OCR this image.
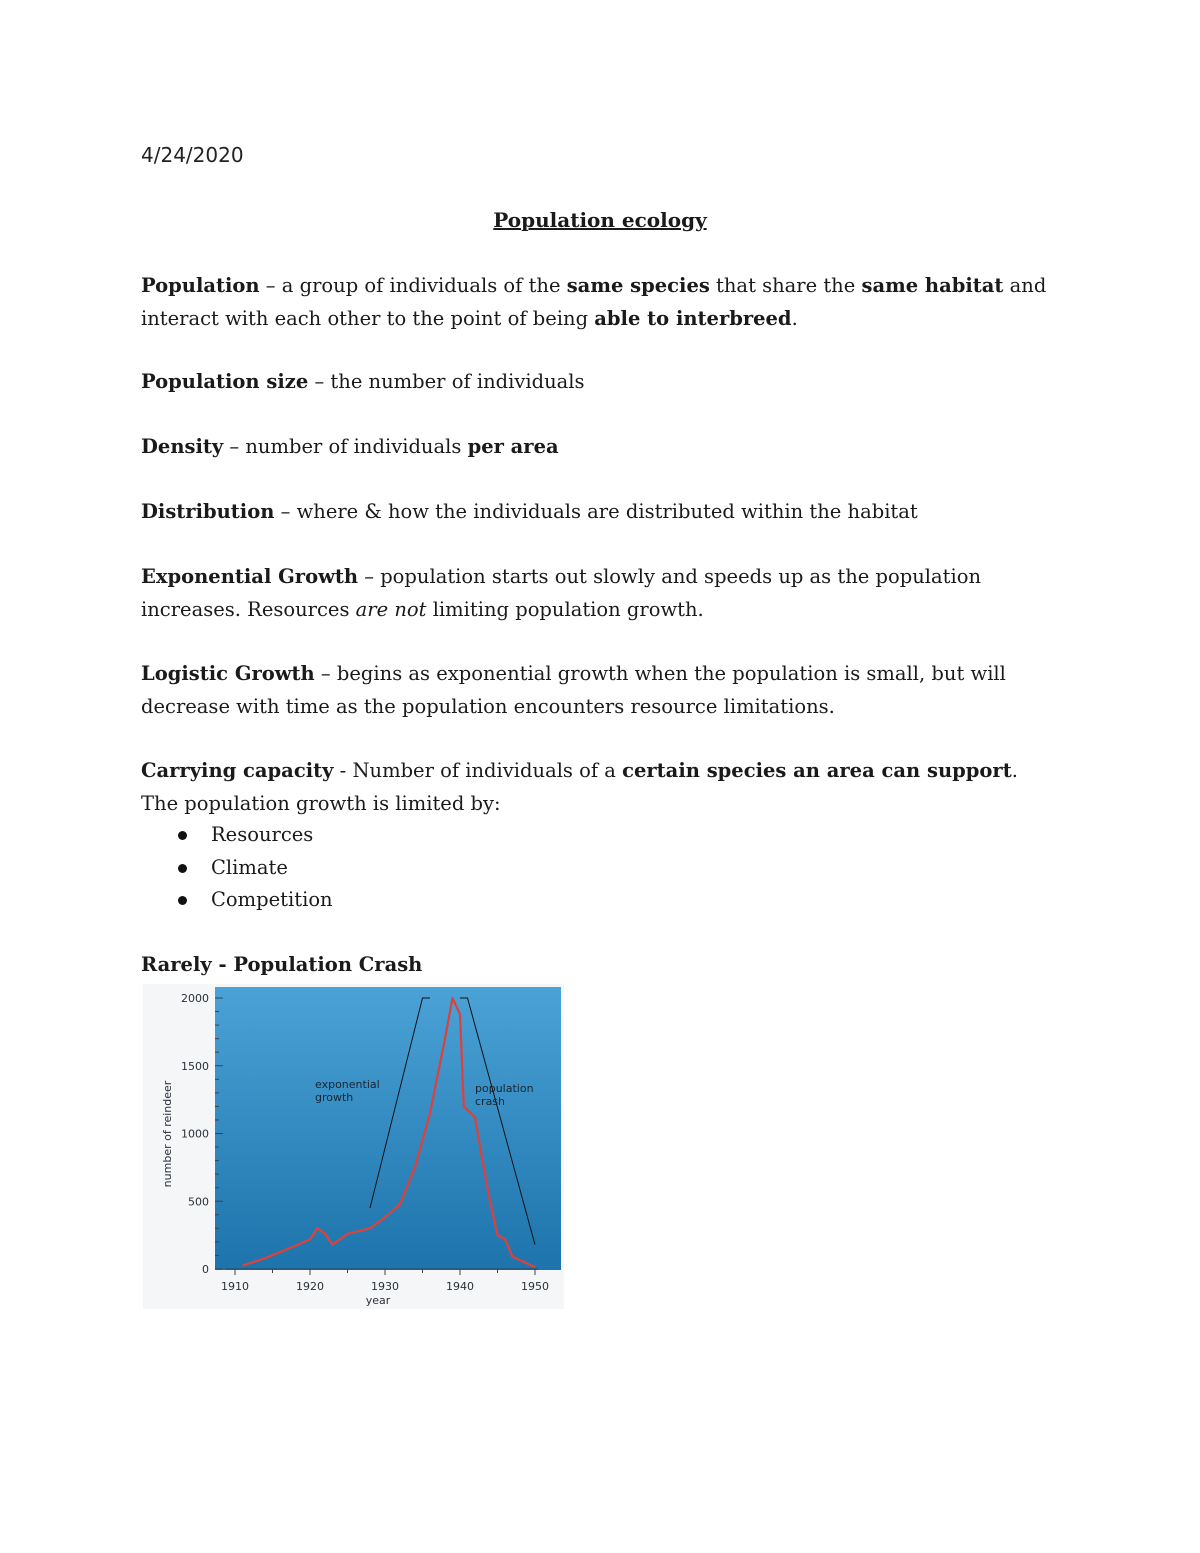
4/24/2020
Population ecology
Population – a group of individuals of the same species that share the same habitat and interact with each other to the point of being able to interbreed.
Population size – the number of individuals
Density – number of individuals per area
Distribution – where & how the individuals are distributed within the habitat
Exponential Growth – population starts out slowly and speeds up as the population increases. Resources are not limiting population growth.
Logistic Growth – begins as exponential growth when the population is small, but will decrease with time as the population encounters resource limitations.
Carrying capacity - Number of individuals of a certain species an area can support.
The population growth is limited by:
Resources
Climate
Competition
Rarely - Population Crash
0
500
1000
1500
2000
1910	1920	1930	1940	1950
year
number of reindeer	exponential growth
population crash
